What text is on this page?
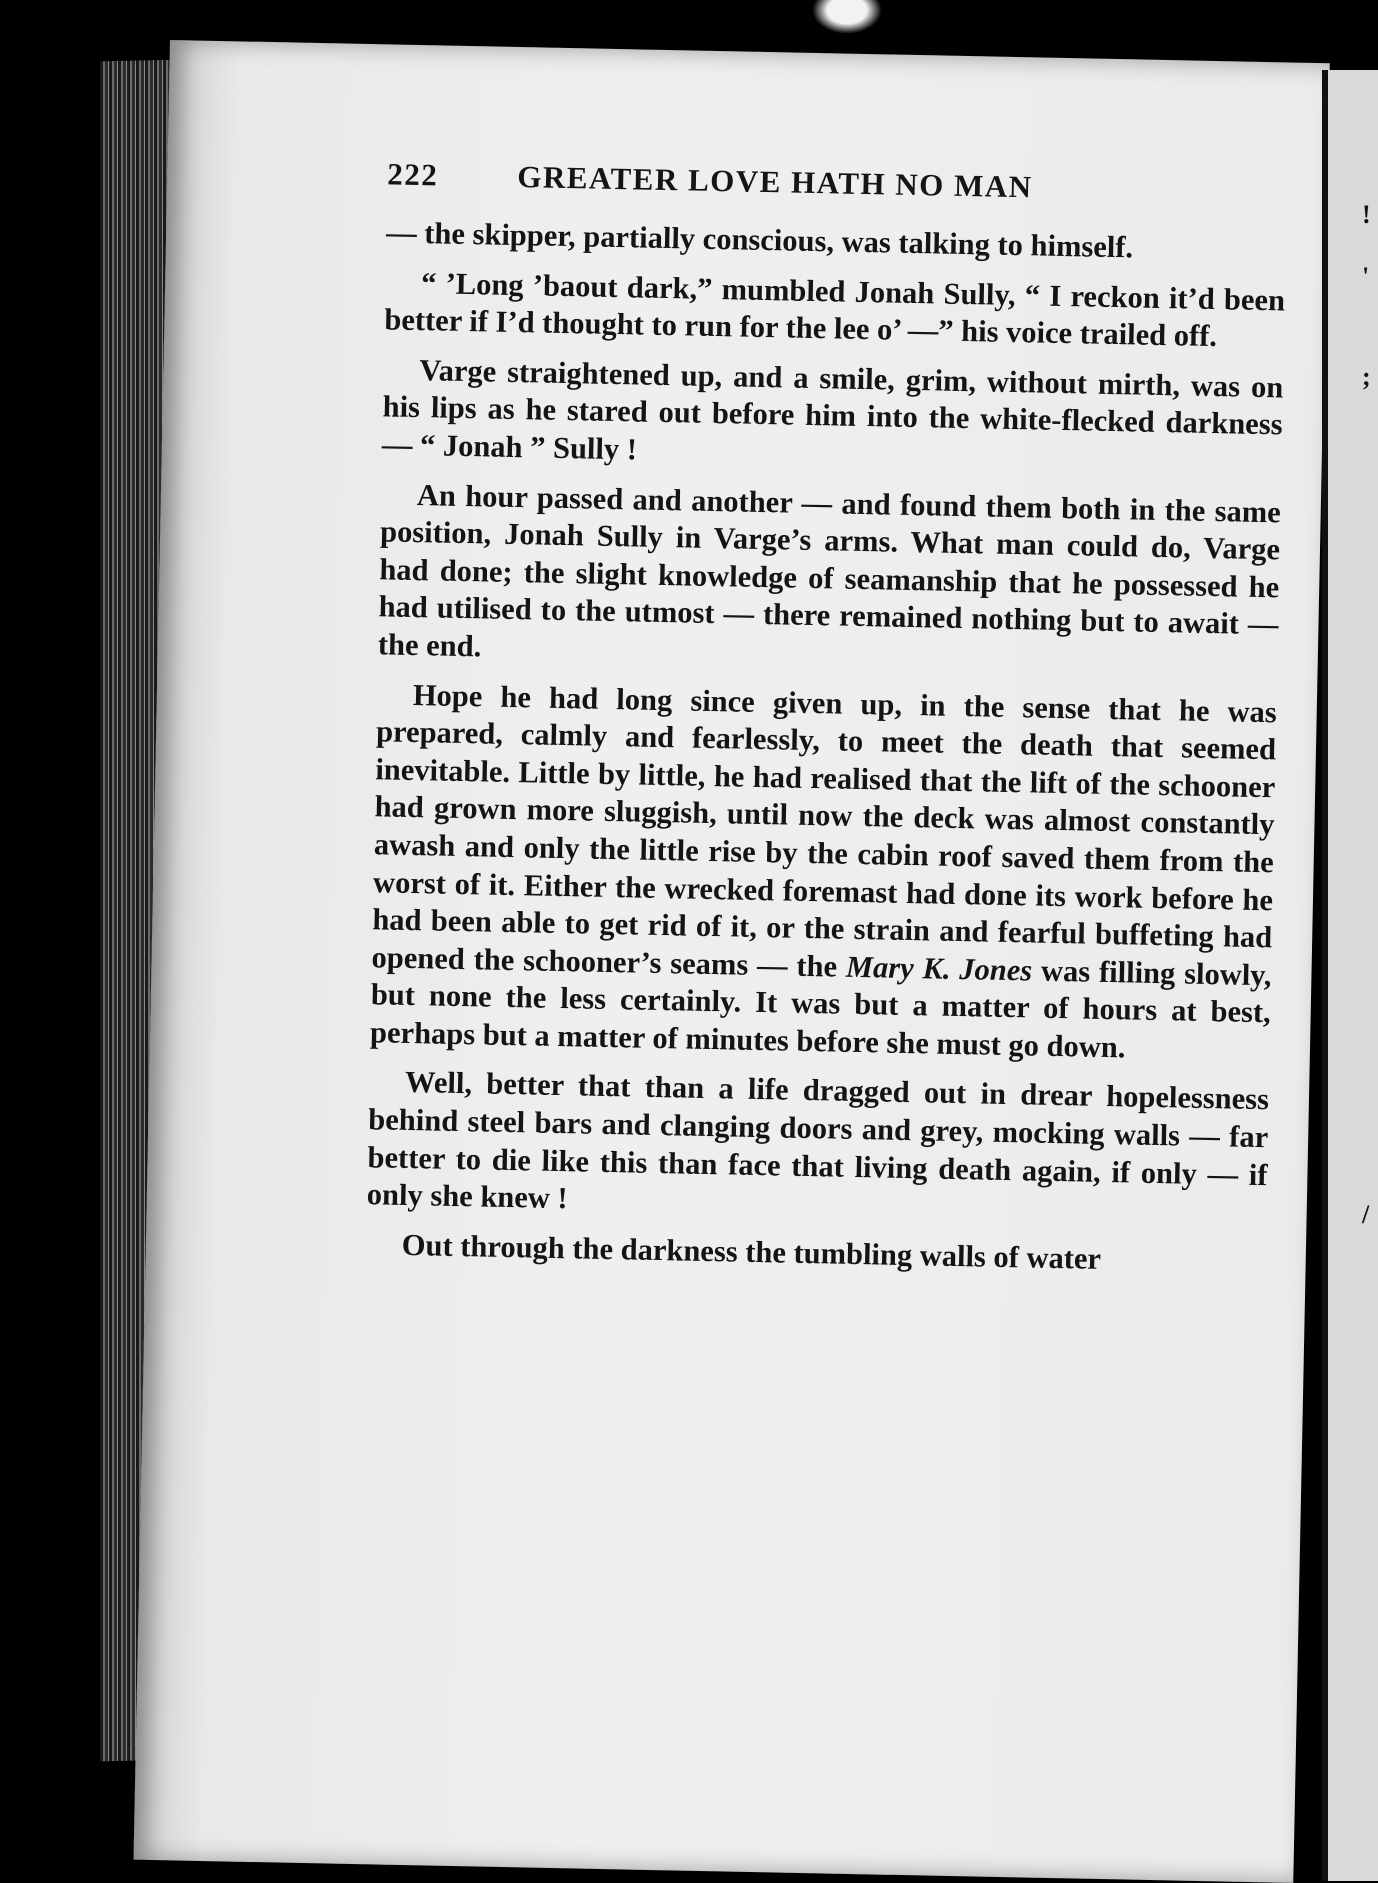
222	GREATER LOVE HATH NO MAN

— the skipper, partially conscious, was talking to himself.

“ ’Long ’baout dark,” mumbled Jonah Sully, “ I reckon it’d been better if I’d thought to run for the lee o’ —” his voice trailed off.

Varge straightened up, and a smile, grim, without mirth, was on his lips as he stared out before him into the white-flecked darkness — “ Jonah ” Sully !

An hour passed and another — and found them both in the same position, Jonah Sully in Varge’s arms. What man could do, Varge had done; the slight knowledge of seamanship that he possessed he had utilised to the utmost — there remained nothing but to await — the end.

Hope he had long since given up, in the sense that he was prepared, calmly and fearlessly, to meet the death that seemed inevitable. Little by little, he had realised that the lift of the schooner had grown more sluggish, until now the deck was almost constantly awash and only the little rise by the cabin roof saved them from the worst of it. Either the wrecked foremast had done its work before he had been able to get rid of it, or the strain and fearful buffeting had opened the schooner’s seams — the Mary K. Jones was filling slowly, but none the less certainly. It was but a matter of hours at best, perhaps but a matter of minutes before she must go down.

Well, better that than a life dragged out in drear hopelessness behind steel bars and clanging doors and grey, mocking walls — far better to die like this than face that living death again, if only — if only she knew !

Out through the darkness the tumbling walls of water

!
'
;
/
